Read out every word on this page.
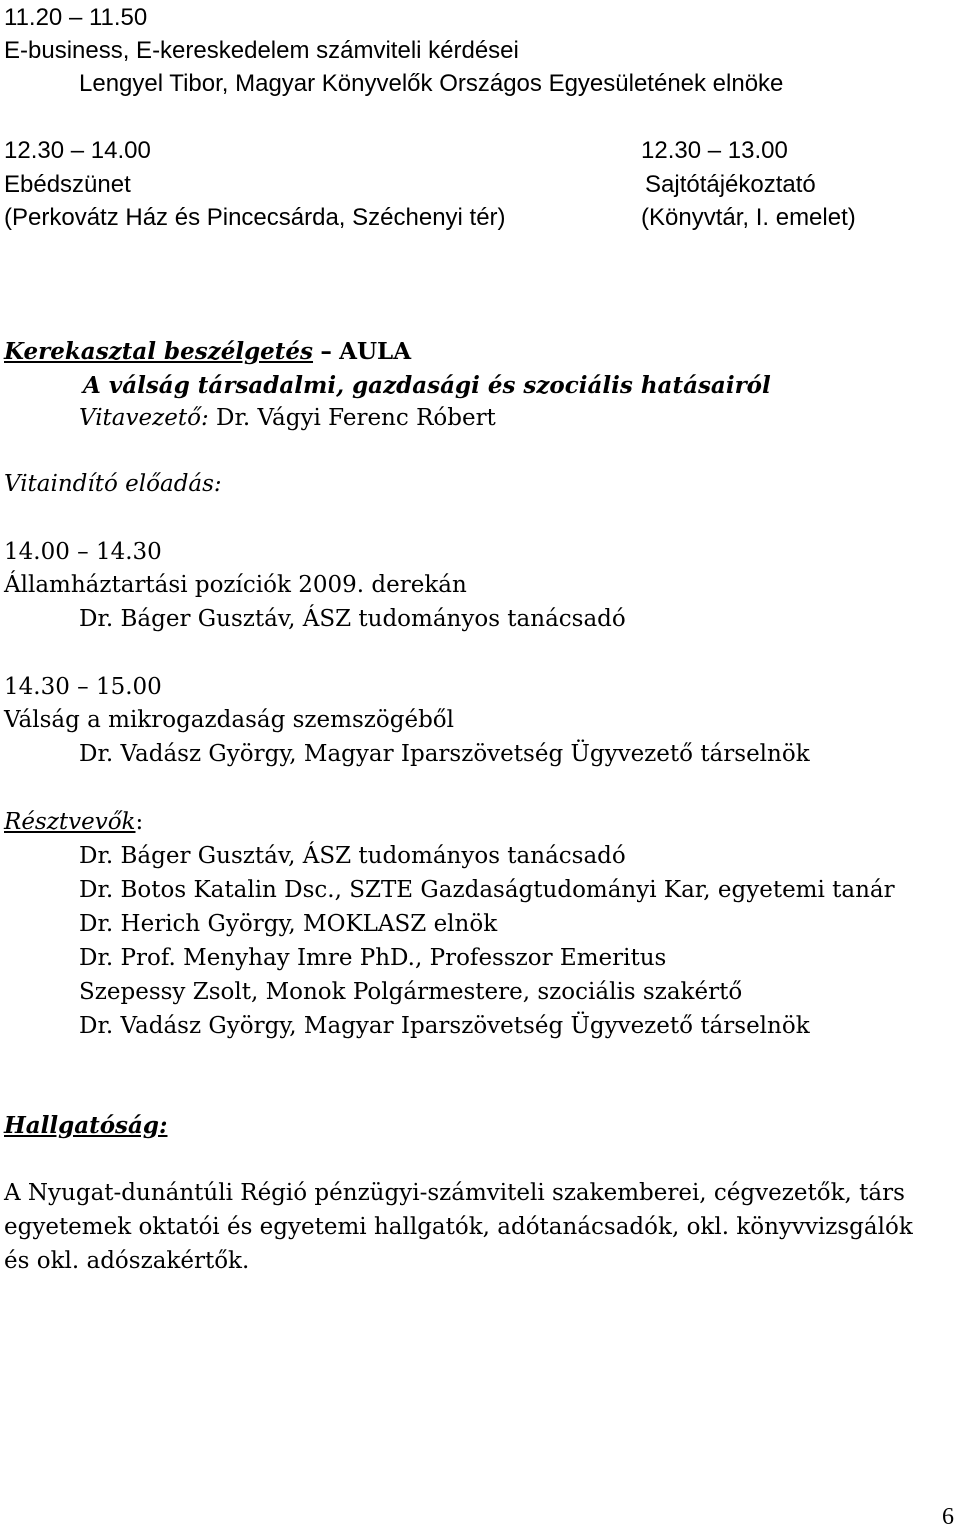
11.20 – 11.50
E-business, E-kereskedelem számviteli kérdései
Lengyel Tibor, Magyar Könyvelők Országos Egyesületének elnöke
12.30 – 14.00
Ebédszünet
(Perkovátz Ház és Pincecsárda, Széchenyi tér)
12.30 – 13.00
Sajtótájékoztató
(Könyvtár, I. emelet)
Kerekasztal beszélgetés – AULA
A válság társadalmi, gazdasági és szociális hatásairól
Vitavezető: Dr. Vágyi Ferenc Róbert
Vitaindító előadás:
14.00 – 14.30
Államháztartási pozíciók 2009. derekán
Dr. Báger Gusztáv, ÁSZ tudományos tanácsadó
14.30 – 15.00
Válság a mikrogazdaság szemszögéből
Dr. Vadász György, Magyar Iparszövetség Ügyvezető társelnök
Résztvevők:
Dr. Báger Gusztáv, ÁSZ tudományos tanácsadó
Dr. Botos Katalin Dsc., SZTE Gazdaságtudományi Kar, egyetemi tanár
Dr. Herich György, MOKLASZ elnök
Dr. Prof. Menyhay Imre PhD., Professzor Emeritus
Szepessy Zsolt, Monok Polgármestere, szociális szakértő
Dr. Vadász György, Magyar Iparszövetség Ügyvezető társelnök
Hallgatóság:
A Nyugat-dunántúli Régió pénzügyi-számviteli szakemberei, cégvezetők, társ
egyetemek oktatói és egyetemi hallgatók, adótanácsadók, okl. könyvvizsgálók
és okl. adószakértők.
6
